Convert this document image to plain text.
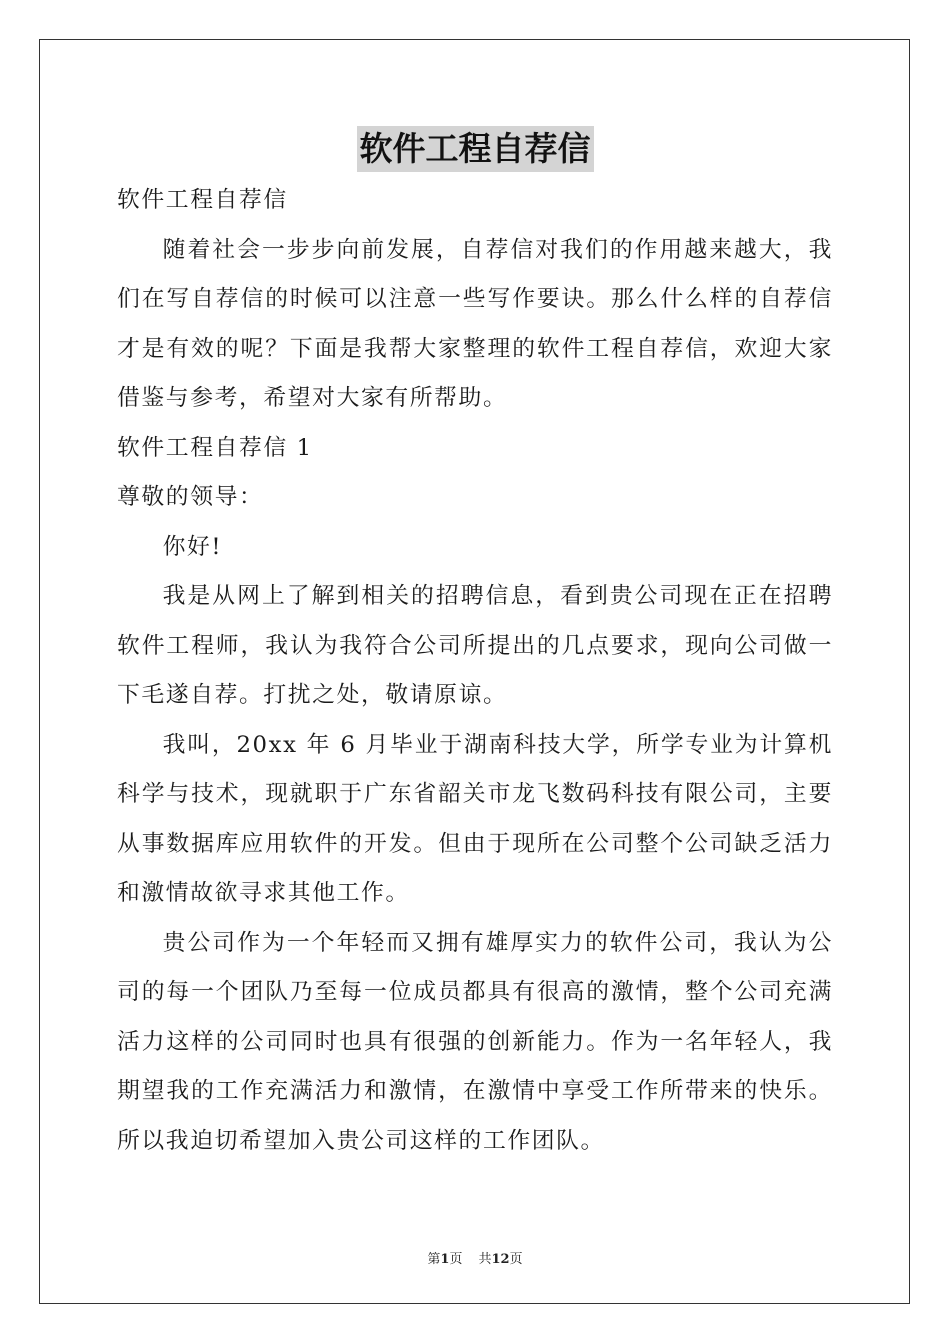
软件工程自荐信

软件工程自荐信

随着社会一步步向前发展，自荐信对我们的作用越来越大，我们在写自荐信的时候可以注意一些写作要诀。那么什么样的自荐信才是有效的呢？下面是我帮大家整理的软件工程自荐信，欢迎大家借鉴与参考，希望对大家有所帮助。

软件工程自荐信 1

尊敬的领导：

你好!

我是从网上了解到相关的招聘信息，看到贵公司现在正在招聘软件工程师，我认为我符合公司所提出的几点要求，现向公司做一下毛遂自荐。打扰之处，敬请原谅。

我叫，20xx 年 6 月毕业于湖南科技大学，所学专业为计算机科学与技术，现就职于广东省韶关市龙飞数码科技有限公司，主要从事数据库应用软件的开发。但由于现所在公司整个公司缺乏活力和激情故欲寻求其他工作。

贵公司作为一个年轻而又拥有雄厚实力的软件公司，我认为公司的每一个团队乃至每一位成员都具有很高的激情，整个公司充满活力这样的公司同时也具有很强的创新能力。作为一名年轻人，我期望我的工作充满活力和激情，在激情中享受工作所带来的快乐。所以我迫切希望加入贵公司这样的工作团队。

第1页 共12页
